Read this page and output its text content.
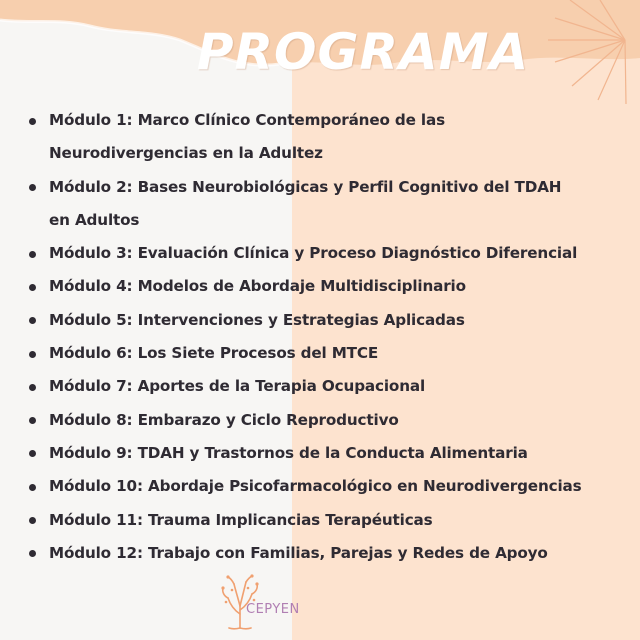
PROGRAMA
Módulo 1: Marco Clínico Contemporáneo de las
Neurodivergencias en la Adultez
Módulo 2: Bases Neurobiológicas y Perfil Cognitivo del TDAH
en Adultos
Módulo 3: Evaluación Clínica y Proceso Diagnóstico Diferencial
Módulo 4: Modelos de Abordaje Multidisciplinario
Módulo 5: Intervenciones y Estrategias Aplicadas
Módulo 6: Los Siete Procesos del MTCE
Módulo 7: Aportes de la Terapia Ocupacional
Módulo 8: Embarazo y Ciclo Reproductivo
Módulo 9: TDAH y Trastornos de la Conducta Alimentaria
Módulo 10: Abordaje Psicofarmacológico en Neurodivergencias
Módulo 11: Trauma Implicancias Terapéuticas
Módulo 12: Trabajo con Familias, Parejas y Redes de Apoyo
CEPYEN
